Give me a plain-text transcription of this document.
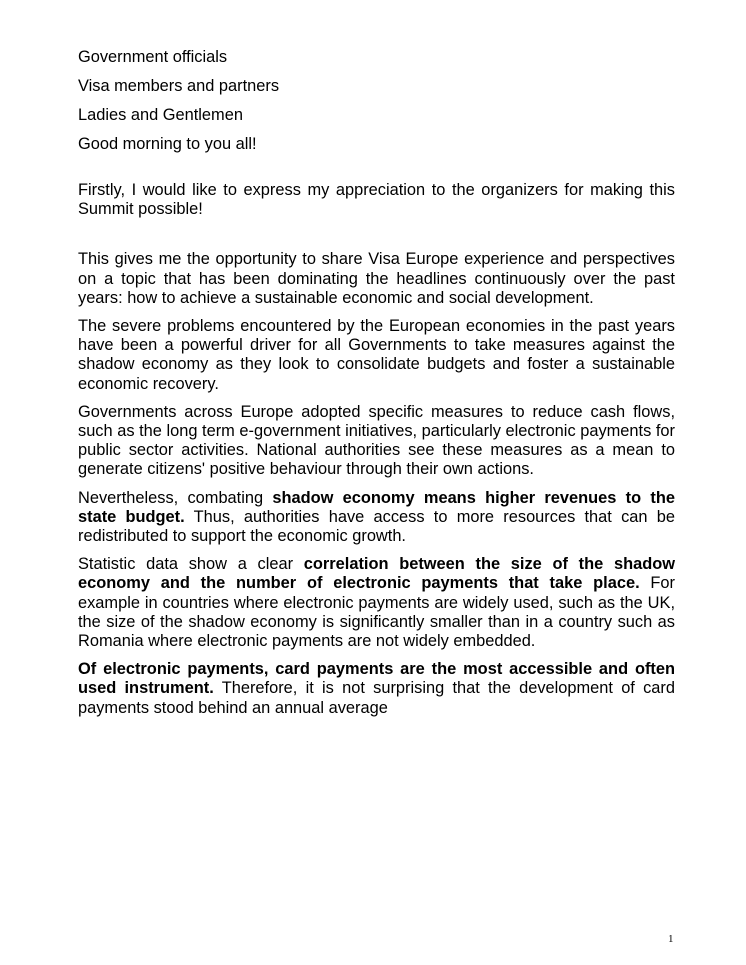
Government officials

Visa members and partners

Ladies and Gentlemen

Good morning to you all!

Firstly, I would like to express my appreciation to the organizers for making this Summit possible!

This gives me the opportunity to share Visa Europe experience and perspectives on a topic that has been dominating the headlines continuously over the past years: how to achieve a sustainable economic and social development.

The severe problems encountered by the European economies in the past years have been a powerful driver for all Governments to take measures against the shadow economy as they look to consolidate budgets and foster a sustainable economic recovery.

Governments across Europe adopted specific measures to reduce cash flows, such as the long term e-government initiatives, particularly electronic payments for public sector activities. National authorities see these measures as a mean to generate citizens' positive behaviour through their own actions.

Nevertheless, combating shadow economy means higher revenues to the state budget. Thus, authorities have access to more resources that can be redistributed to support the economic growth.

Statistic data show a clear correlation between the size of the shadow economy and the number of electronic payments that take place. For example in countries where electronic payments are widely used, such as the UK, the size of the shadow economy is significantly smaller than in a country such as Romania where electronic payments are not widely embedded.

Of electronic payments, card payments are the most accessible and often used instrument. Therefore, it is not surprising that the development of card payments stood behind an annual average

1
